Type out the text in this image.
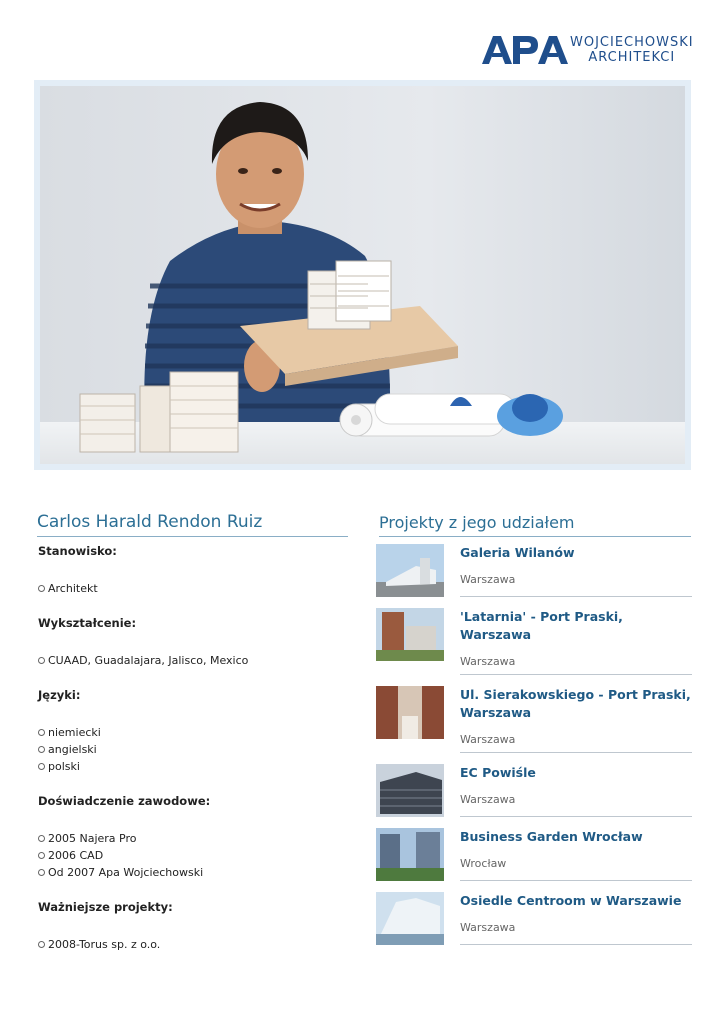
WOJCIECHOWSKI
ARCHITEKCI
Carlos Harald Rendon Ruiz
Stanowisko:
Architekt
Wykształcenie:
CUAAD, Guadalajara, Jalisco, Mexico
Języki:
niemiecki
angielski
polski
Doświadczenie zawodowe:
2005 Najera Pro
2006 CAD
Od 2007 Apa Wojciechowski
Ważniejsze projekty:
2008-Torus sp. z o.o.
Projekty z jego udziałem
Galeria Wilanów
Warszawa
'Latarnia' - Port Praski, Warszawa
Warszawa
Ul. Sierakowskiego - Port Praski, Warszawa
Warszawa
EC Powiśle
Warszawa
Business Garden Wrocław
Wrocław
Osiedle Centroom w Warszawie
Warszawa
